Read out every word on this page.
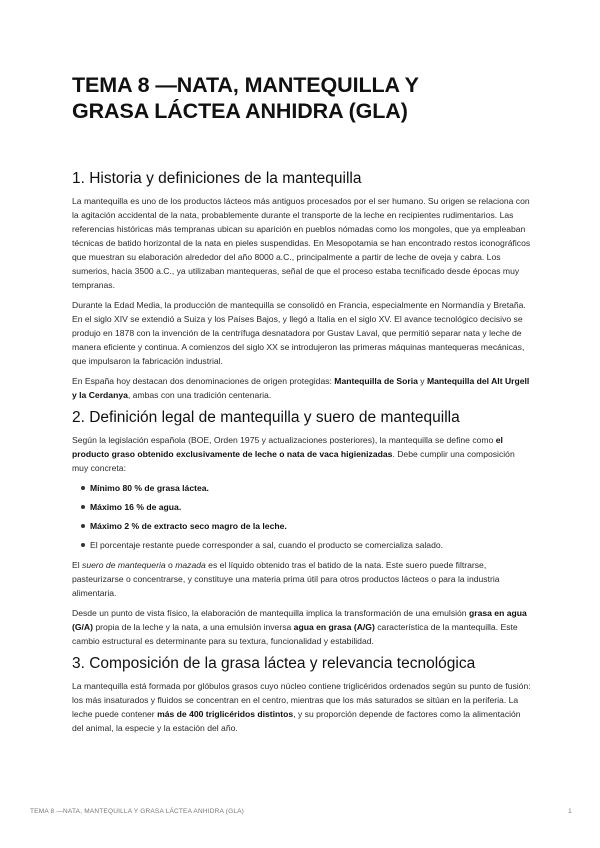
TEMA 8 —NATA, MANTEQUILLA Y
GRASA LÁCTEA ANHIDRA (GLA)
1. Historia y definiciones de la mantequilla

La mantequilla es uno de los productos lácteos más antiguos procesados por el ser humano. Su origen se relaciona con la agitación accidental de la nata, probablemente durante el transporte de la leche en recipientes rudimentarios. Las referencias históricas más tempranas ubican su aparición en pueblos nómadas como los mongoles, que ya empleaban técnicas de batido horizontal de la nata en pieles suspendidas. En Mesopotamia se han encontrado restos iconográficos que muestran su elaboración alrededor del año 8000 a.C., principalmente a partir de leche de oveja y cabra. Los sumerios, hacia 3500 a.C., ya utilizaban mantequeras, señal de que el proceso estaba tecnificado desde épocas muy tempranas.

Durante la Edad Media, la producción de mantequilla se consolidó en Francia, especialmente en Normandía y Bretaña. En el siglo XIV se extendió a Suiza y los Países Bajos, y llegó a Italia en el siglo XV. El avance tecnológico decisivo se produjo en 1878 con la invención de la centrífuga desnatadora por Gustav Laval, que permitió separar nata y leche de manera eficiente y continua. A comienzos del siglo XX se introdujeron las primeras máquinas mantequeras mecánicas, que impulsaron la fabricación industrial.

En España hoy destacan dos denominaciones de origen protegidas: Mantequilla de Soria y Mantequilla del Alt Urgell y la Cerdanya, ambas con una tradición centenaria.

2. Definición legal de mantequilla y suero de mantequilla

Según la legislación española (BOE, Orden 1975 y actualizaciones posteriores), la mantequilla se define como el producto graso obtenido exclusivamente de leche o nata de vaca higienizadas. Debe cumplir una composición muy concreta:

Mínimo 80 % de grasa láctea.
Máximo 16 % de agua.
Máximo 2 % de extracto seco magro de la leche.
El porcentaje restante puede corresponder a sal, cuando el producto se comercializa salado.

El suero de mantequeria o mazada es el líquido obtenido tras el batido de la nata. Este suero puede filtrarse, pasteurizarse o concentrarse, y constituye una materia prima útil para otros productos lácteos o para la industria alimentaria.

Desde un punto de vista físico, la elaboración de mantequilla implica la transformación de una emulsión grasa en agua (G/A) propia de la leche y la nata, a una emulsión inversa agua en grasa (A/G) característica de la mantequilla. Este cambio estructural es determinante para su textura, funcionalidad y estabilidad.

3. Composición de la grasa láctea y relevancia tecnológica

La mantequilla está formada por glóbulos grasos cuyo núcleo contiene triglicéridos ordenados según su punto de fusión: los más insaturados y fluidos se concentran en el centro, mientras que los más saturados se sitúan en la periferia. La leche puede contener más de 400 triglicéridos distintos, y su proporción depende de factores como la alimentación del animal, la especie y la estación del año.

TEMA 8 —NATA, MANTEQUILLA Y GRASA LÁCTEA ANHIDRA (GLA)	1
